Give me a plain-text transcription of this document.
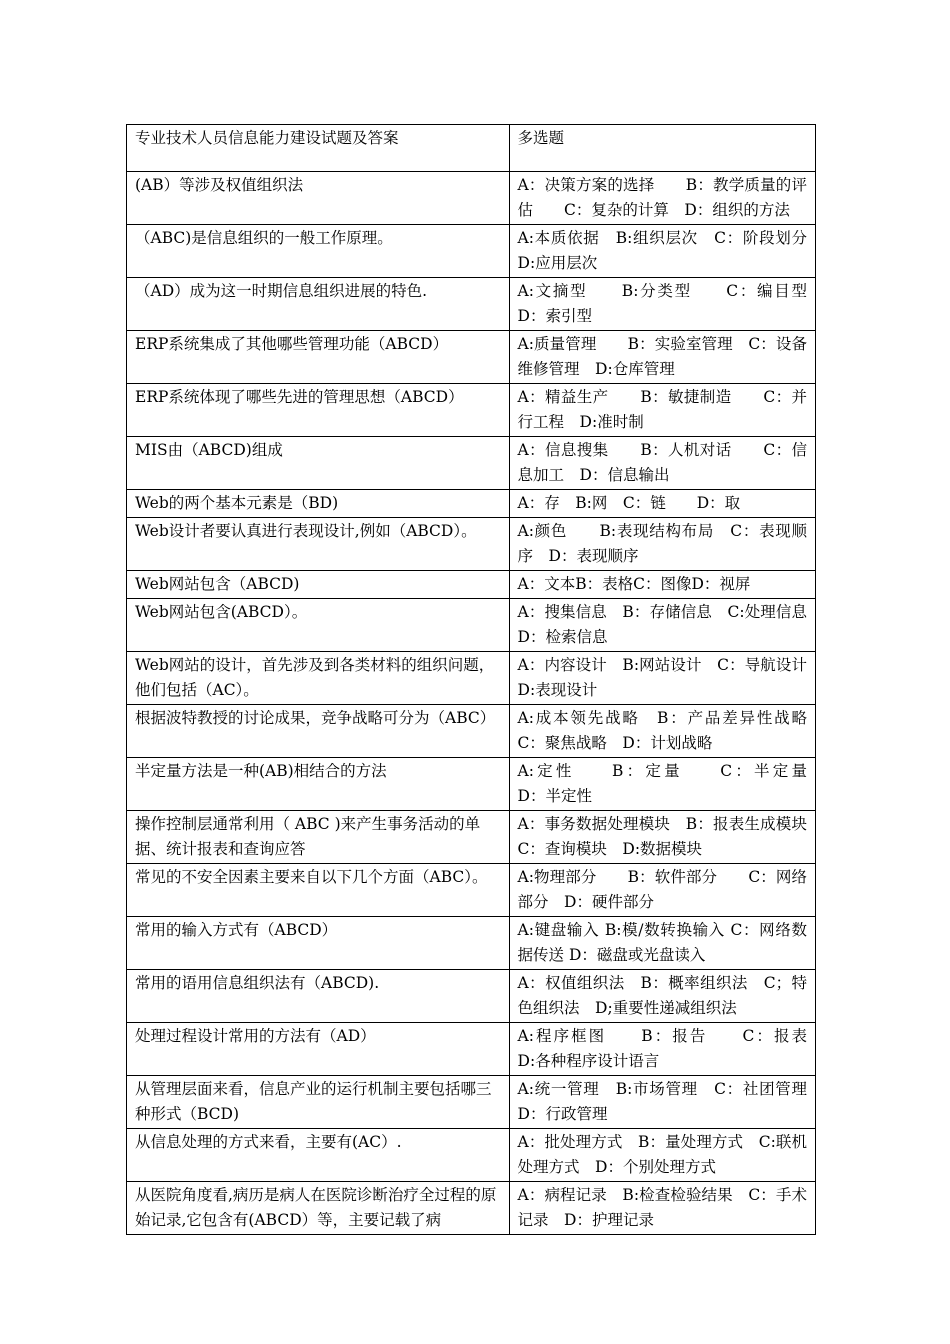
专业技术人员信息能力建设试题及答案	多选题
(AB）等涉及权值组织法	A：决策方案的选择　　B：教学质量的评估　　C：复杂的计算　D：组织的方法
（ABC)是信息组织的一般工作原理。	A:本质依据　B:组织层次　C：阶段划分　D:应用层次
（AD）成为这一时期信息组织进展的特色.	A:文摘型　　B:分类型　　C：编目型　　D：索引型
ERP系统集成了其他哪些管理功能（ABCD）	A:质量管理　　B：实验室管理　C：设备维修管理　D:仓库管理
ERP系统体现了哪些先进的管理思想（ABCD）	A：精益生产　　B：敏捷制造　　C：并行工程　D:准时制
MIS由（ABCD)组成	A：信息搜集　　B：人机对话　　C：信息加工　D：信息输出
Web的两个基本元素是（BD)	A：存　B:网　C：链　　D：取
Web设计者要认真进行表现设计,例如（ABCD）。	A:颜色　　B:表现结构布局　C：表现顺序　D：表现顺序
Web网站包含（ABCD)	A：文本B：表格C：图像D：视屏
Web网站包含(ABCD）。	A：搜集信息　B：存储信息　C:处理信息　D：检索信息
Web网站的设计，首先涉及到各类材料的组织问题，他们包括（AC）。	A：内容设计　B:网站设计　C：导航设计　D:表现设计
根据波特教授的讨论成果，竞争战略可分为（ABC）	A:成本领先战略　B：产品差异性战略　C：聚焦战略　D：计划战略
半定量方法是一种(AB)相结合的方法	A:定性　　B：定量　　C：半定量　　D：半定性
操作控制层通常利用（ ABC )来产生事务活动的单据、统计报表和查询应答	A：事务数据处理模块　B：报表生成模块　C：查询模块　D:数据模块
常见的不安全因素主要来自以下几个方面（ABC）。	A:物理部分　　B：软件部分　　C：网络部分　D：硬件部分
常用的输入方式有（ABCD）	A:键盘输入 B:模/数转换输入 C：网络数据传送 D：磁盘或光盘读入
常用的语用信息组织法有（ABCD).	A：权值组织法　B：概率组织法　C；特色组织法　D;重要性递减组织法
处理过程设计常用的方法有（AD）	A:程序框图　　B：报告　　C：报表　D:各种程序设计语言
从管理层面来看，信息产业的运行机制主要包括哪三种形式（BCD)	A:统一管理　B:市场管理　C：社团管理　D：行政管理
从信息处理的方式来看，主要有(AC）.	A：批处理方式　B：量处理方式　C:联机处理方式　D：个别处理方式
从医院角度看,病历是病人在医院诊断治疗全过程的原始记录,它包含有(ABCD）等，主要记载了病	A：病程记录　B:检查检验结果　C：手术记录　D：护理记录
